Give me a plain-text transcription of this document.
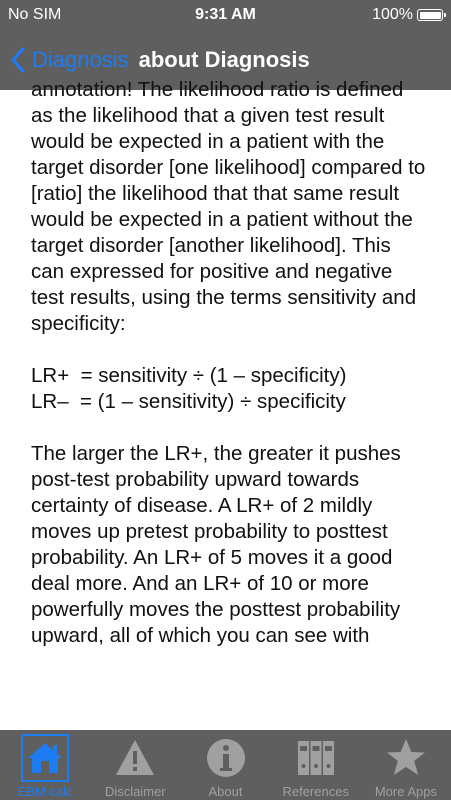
No SIM	9:31 AM	100%
Diagnosis about Diagnosis

annotation! The likelihood ratio is defined as the likelihood that a given test result would be expected in a patient with the target disorder [one likelihood] compared to [ratio] the likelihood that that same result would be expected in a patient without the target disorder [another likelihood]. This can expressed for positive and negative test results, using the terms sensitivity and specificity:

LR+  = sensitivity ÷ (1 – specificity)

LR–  = (1 – sensitivity) ÷ specificity

The larger the LR+, the greater it pushes post-test probability upward towards certainty of disease. A LR+ of 2 mildly moves up pretest probability to posttest probability. An LR+ of 5 moves it a good deal more. And an LR+ of 10 or more powerfully moves the posttest probability upward, all of which you can see with

EBM calc Disclaimer	About	References More Apps
